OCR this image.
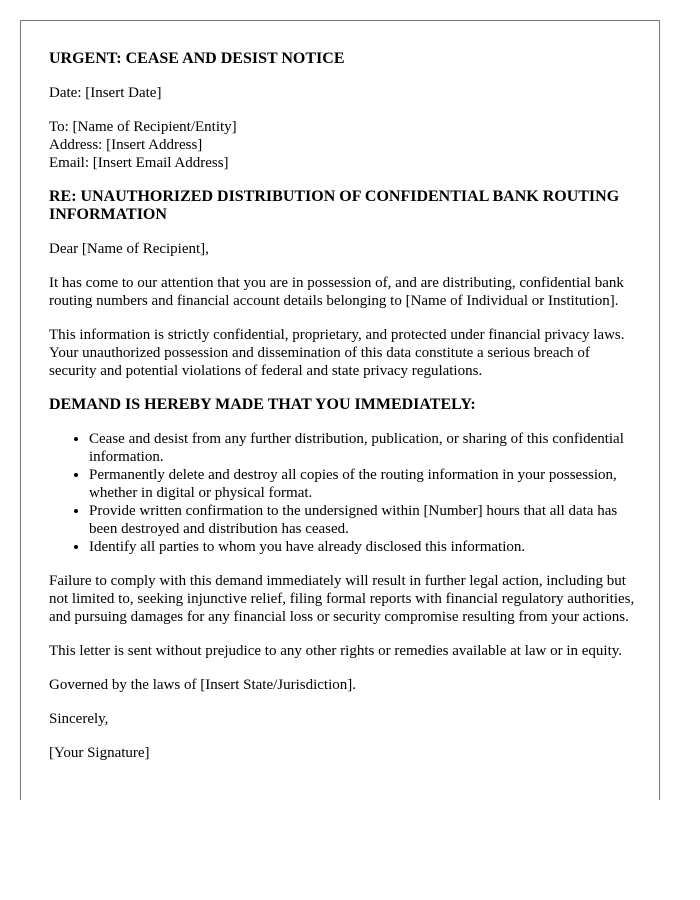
URGENT: CEASE AND DESIST NOTICE

Date: [Insert Date]

To: [Name of Recipient/Entity]
Address: [Insert Address]
Email: [Insert Email Address]

RE: UNAUTHORIZED DISTRIBUTION OF CONFIDENTIAL BANK ROUTING INFORMATION

Dear [Name of Recipient],

It has come to our attention that you are in possession of, and are distributing, confidential bank routing numbers and financial account details belonging to [Name of Individual or Institution].

This information is strictly confidential, proprietary, and protected under financial privacy laws. Your unauthorized possession and dissemination of this data constitute a serious breach of security and potential violations of federal and state privacy regulations.

DEMAND IS HEREBY MADE THAT YOU IMMEDIATELY:
• Cease and desist from any further distribution, publication, or sharing of this confidential information.
• Permanently delete and destroy all copies of the routing information in your possession, whether in digital or physical format.
• Provide written confirmation to the undersigned within [Number] hours that all data has been destroyed and distribution has ceased.
• Identify all parties to whom you have already disclosed this information.

Failure to comply with this demand immediately will result in further legal action, including but not limited to, seeking injunctive relief, filing formal reports with financial regulatory authorities, and pursuing damages for any financial loss or security compromise resulting from your actions.

This letter is sent without prejudice to any other rights or remedies available at law or in equity.

Governed by the laws of [Insert State/Jurisdiction].

Sincerely,

[Your Signature]
